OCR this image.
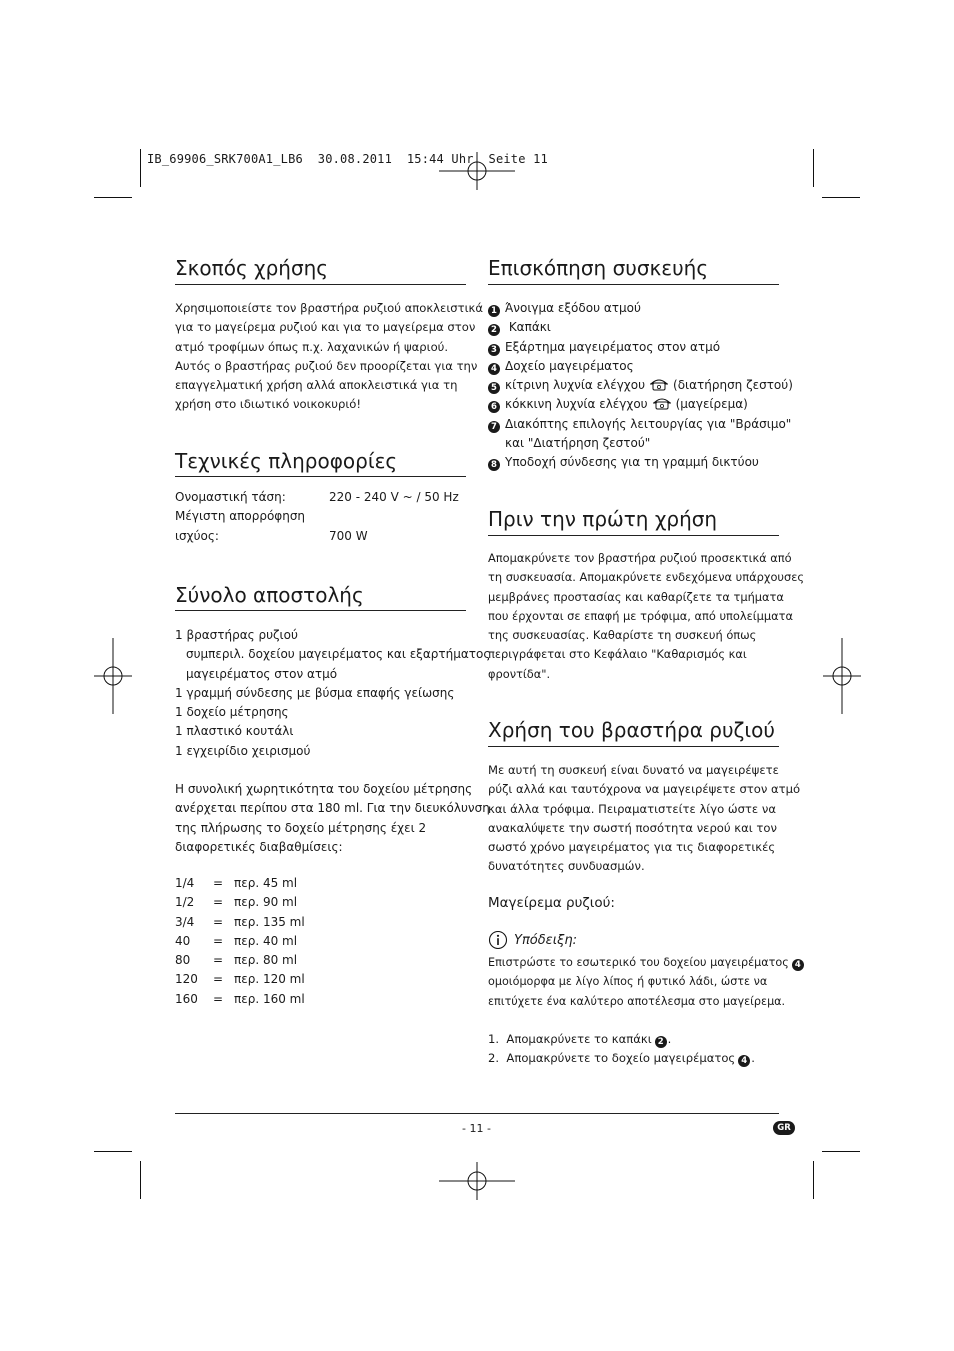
IB_69906_SRK700A1_LB6  30.08.2011  15:44 Uhr  Seite 11
Σκοπός χρήσης
Χρησιμοποιείστε τον βραστήρα ρυζιού αποκλειστικά
για το μαγείρεμα ρυζιού και για το μαγείρεμα στον
ατμό τροφίμων όπως π.χ. λαχανικών ή ψαριού.
Αυτός ο βραστήρας ρυζιού δεν προορίζεται για την
επαγγελματική χρήση αλλά αποκλειστικά για τη
χρήση στο ιδιωτικό νοικοκυριό!
Τεχνικές πληροφορίες
Ονομαστική τάση:	220 - 240 V ~ / 50 Hz
Μέγιστη απορρόφηση	
ισχύος:	700 W
Σύνολο αποστολής
1 βραστήρας ρυζιού
συμπεριλ. δοχείου μαγειρέματος και εξαρτήματος
μαγειρέματος στον ατμό
1 γραμμή σύνδεσης με βύσμα επαφής γείωσης
1 δοχείο μέτρησης
1 πλαστικό κουτάλι
1 εγχειρίδιο χειρισμού
Η συνολική χωρητικότητα του δοχείου μέτρησης
ανέρχεται περίπου στα 180 ml. Για την διευκόλυνση
της πλήρωσης το δοχείο μέτρησης έχει 2
διαφορετικές διαβαθμίσεις:
1/4	=	περ. 45 ml
1/2	=	περ. 90 ml
3/4	=	περ. 135 ml
40	=	περ. 40 ml
80	=	περ. 80 ml
120	=	περ. 120 ml
160	=	περ. 160 ml
Επισκόπηση συσκευής
1 Άνοιγμα εξόδου ατμού
2 Καπάκι
3 Εξάρτημα μαγειρέματος στον ατμό
4 Δοχείο μαγειρέματος
5 κίτρινη λυχνία ελέγχου (διατήρηση ζεστού)
6 κόκκινη λυχνία ελέγχου (μαγείρεμα)
7 Διακόπτης επιλογής λειτουργίας για "Βράσιμο"
και "Διατήρηση ζεστού"
8 Υποδοχή σύνδεσης για τη γραμμή δικτύου
Πριν την πρώτη χρήση
Απομακρύνετε τον βραστήρα ρυζιού προσεκτικά από
τη συσκευασία. Απομακρύνετε ενδεχόμενα υπάρχουσες
μεμβράνες προστασίας και καθαρίζετε τα τμήματα
που έρχονται σε επαφή με τρόφιμα, από υπολείμματα
της συσκευασίας. Καθαρίστε τη συσκευή όπως
περιγράφεται στο Κεφάλαιο "Καθαρισμός και
φροντίδα".
Χρήση του βραστήρα ρυζιού
Με αυτή τη συσκευή είναι δυνατό να μαγειρέψετε
ρύζι αλλά και ταυτόχρονα να μαγειρέψετε στον ατμό
και άλλα τρόφιμα. Πειραματιστείτε λίγο ώστε να
ανακαλύψετε την σωστή ποσότητα νερού και τον
σωστό χρόνο μαγειρέματος για τις διαφορετικές
δυνατότητες συνδυασμών.
Μαγείρεμα ρυζιού:
Υπόδειξη:
Επιστρώστε το εσωτερικό του δοχείου μαγειρέματος 4
ομοιόμορφα με λίγο λίπος ή φυτικό λάδι, ώστε να
επιτύχετε ένα καλύτερο αποτέλεσμα στο μαγείρεμα.
1.  Απομακρύνετε το καπάκι 2 .
2.  Απομακρύνετε το δοχείο μαγειρέματος 4 .
- 11 -	GR
